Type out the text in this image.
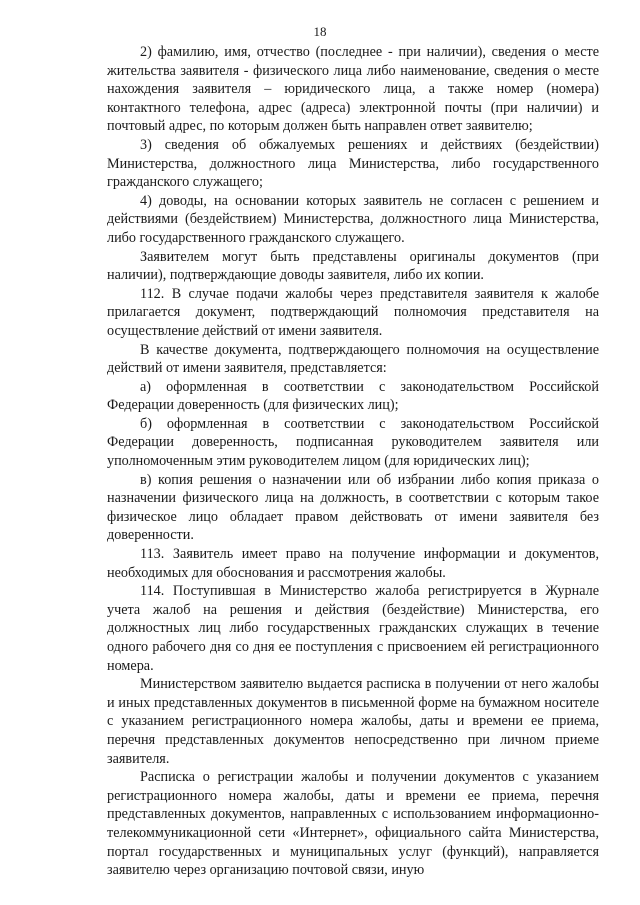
18

2) фамилию, имя, отчество (последнее - при наличии), сведения о месте жительства заявителя - физического лица либо наименование, сведения о месте нахождения заявителя – юридического лица, а также номер (номера) контактного телефона, адрес (адреса) электронной почты (при наличии) и почтовый адрес, по которым должен быть направлен ответ заявителю;

3) сведения об обжалуемых решениях и действиях (бездействии) Министерства, должностного лица Министерства, либо государственного гражданского служащего;

4) доводы, на основании которых заявитель не согласен с решением и действиями (бездействием) Министерства, должностного лица Министерства, либо государственного гражданского служащего.

Заявителем могут быть представлены оригиналы документов (при наличии), подтверждающие доводы заявителя, либо их копии.

112. В случае подачи жалобы через представителя заявителя к жалобе прилагается документ, подтверждающий полномочия представителя на осуществление действий от имени заявителя.

В качестве документа, подтверждающего полномочия на осуществление действий от имени заявителя, представляется:

а) оформленная в соответствии с законодательством Российской Федерации доверенность (для физических лиц);

б) оформленная в соответствии с законодательством Российской Федерации доверенность, подписанная руководителем заявителя или уполномоченным этим руководителем лицом (для юридических лиц);

в) копия решения о назначении или об избрании либо копия приказа о назначении физического лица на должность, в соответствии с которым такое физическое лицо обладает правом действовать от имени заявителя без доверенности.

113. Заявитель имеет право на получение информации и документов, необходимых для обоснования и рассмотрения жалобы.

114. Поступившая в Министерство жалоба регистрируется в Журнале учета жалоб на решения и действия (бездействие) Министерства, его должностных лиц либо государственных гражданских служащих в течение одного рабочего дня со дня ее поступления с присвоением ей регистрационного номера.

Министерством заявителю выдается расписка в получении от него жалобы и иных представленных документов в письменной форме на бумажном носителе с указанием регистрационного номера жалобы, даты и времени ее приема, перечня представленных документов непосредственно при личном приеме заявителя.

Расписка о регистрации жалобы и получении документов с указанием регистрационного номера жалобы, даты и времени ее приема, перечня представленных документов, направленных с использованием информационно-телекоммуникационной сети «Интернет», официального сайта Министерства, портал государственных и муниципальных услуг (функций), направляется заявителю через организацию почтовой связи, иную
